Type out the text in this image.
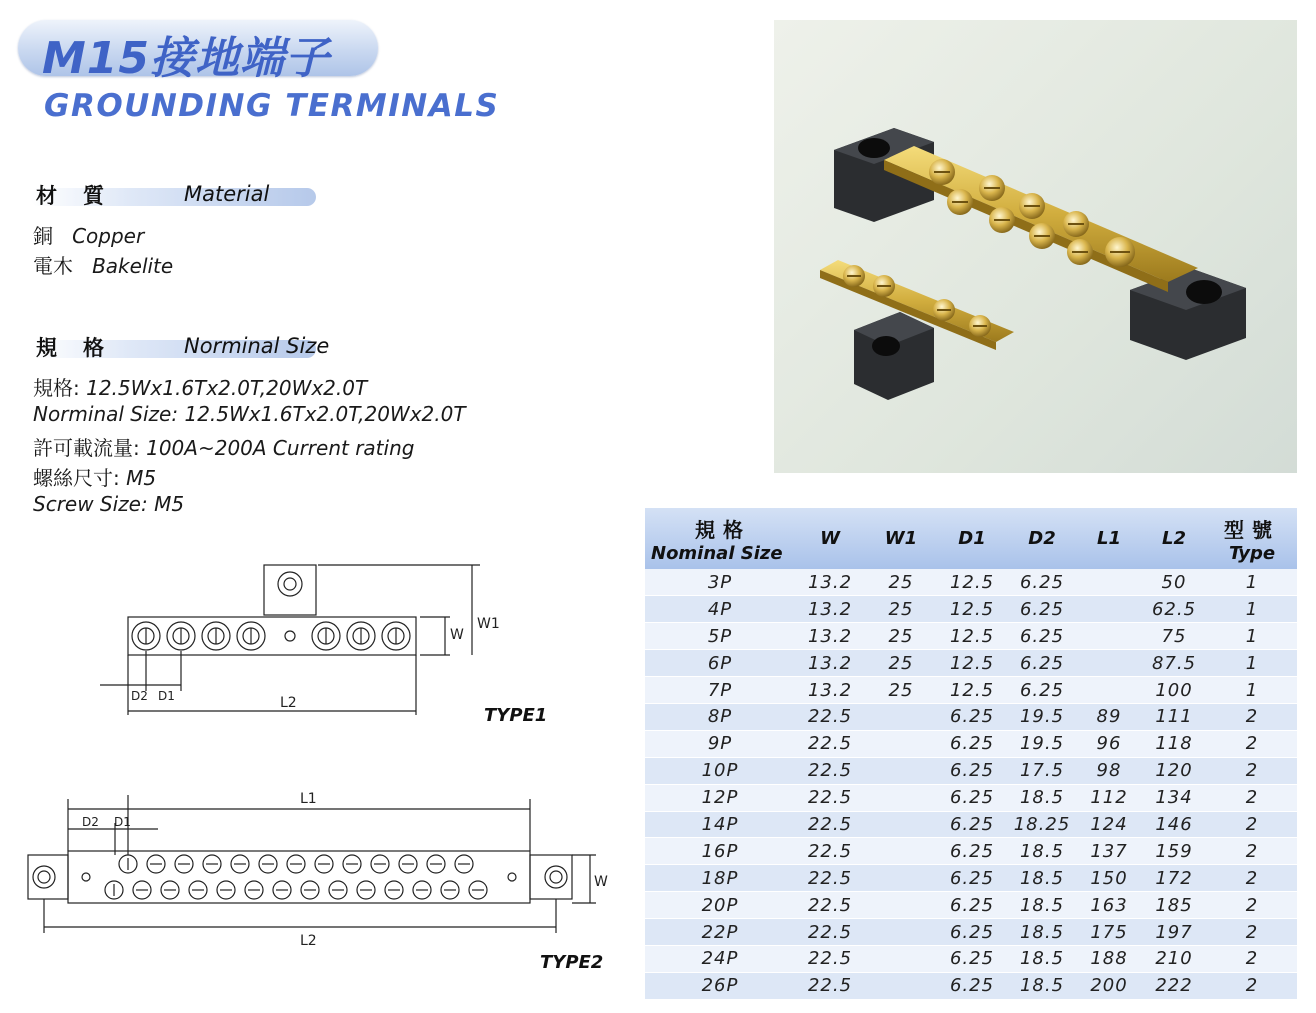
M15接地端子
GROUNDING TERMINALS
材質	Material
銅 Copper
電木 Bakelite
規格	Norminal Size
規格: 12.5Wx1.6Tx2.0T,20Wx2.0T
Norminal Size: 12.5Wx1.6Tx2.0T,20Wx2.0T
許可載流量: 100A~200A Current rating
螺絲尺寸: M5
Screw Size: M5
W
W1
D2 D1	L2
L1
D2 D1
W
L2
TYPE1
TYPE2
規格
Nominal Size	W	W1	D1	D2	L1	L2	型號
Type
3P	13.2	25	12.5	6.25		50	1
4P	13.2	25	12.5	6.25		62.5	1
5P	13.2	25	12.5	6.25		75	1
6P	13.2	25	12.5	6.25		87.5	1
7P	13.2	25	12.5	6.25		100	1
8P	22.5		6.25	19.5	89	111	2
9P	22.5		6.25	19.5	96	118	2
10P	22.5		6.25	17.5	98	120	2
12P	22.5		6.25	18.5	112	134	2
14P	22.5		6.25	18.25	124	146	2
16P	22.5		6.25	18.5	137	159	2
18P	22.5		6.25	18.5	150	172	2
20P	22.5		6.25	18.5	163	185	2
22P	22.5		6.25	18.5	175	197	2
24P	22.5		6.25	18.5	188	210	2
26P	22.5		6.25	18.5	200	222	2
